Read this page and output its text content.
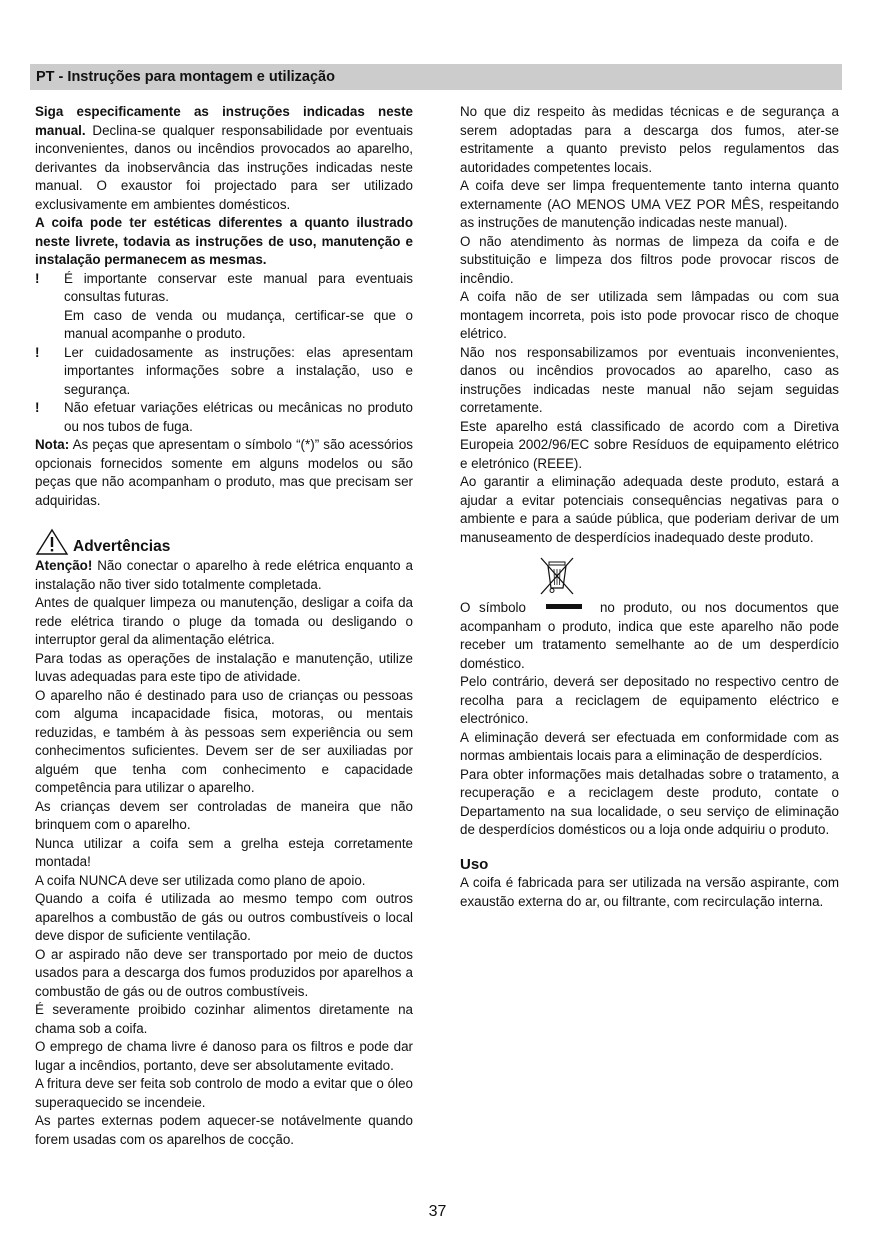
PT - Instruções para montagem e utilização

Siga especificamente as instruções indicadas neste manual. Declina-se qualquer responsabilidade por eventuais inconvenientes, danos ou incêndios provocados ao aparelho, derivantes da inobservância das instruções indicadas neste manual. O exaustor foi projectado para ser utilizado exclusivamente em ambientes domésticos.

A coifa pode ter estéticas diferentes a quanto ilustrado neste livrete, todavia as instruções de uso, manutenção e instalação permanecem as mesmas.

!	É importante conservar este manual para eventuais consultas futuras.

Em caso de venda ou mudança, certificar-se que o manual acompanhe o produto.

!	Ler cuidadosamente as instruções: elas apresentam importantes informações sobre a instalação, uso e segurança.

!	Não efetuar variações elétricas ou mecânicas no produto ou nos tubos de fuga.

Nota: As peças que apresentam o símbolo “(*)” são acessórios opcionais fornecidos somente em alguns modelos ou são peças que não acompanham o produto, mas que precisam ser adquiridas.

Advertências

Atenção! Não conectar o aparelho à rede elétrica enquanto a instalação não tiver sido totalmente completada.

Antes de qualquer limpeza ou manutenção, desligar a coifa da rede elétrica tirando o pluge da tomada ou desligando o interruptor geral da alimentação elétrica.

Para todas as operações de instalação e manutenção, utilize luvas adequadas para este tipo de atividade.

O aparelho não é destinado para uso de crianças ou pessoas com alguma incapacidade fisica, motoras, ou mentais reduzidas, e também à às pessoas sem experiência ou sem conhecimentos suficientes. Devem ser de ser auxiliadas por alguém que tenha com conhecimento e capacidade competência para utilizar o aparelho.

As crianças devem ser controladas de maneira que não brinquem com o aparelho.

Nunca utilizar a coifa sem a grelha esteja corretamente montada!

A coifa NUNCA deve ser utilizada como plano de apoio.

Quando a coifa é utilizada ao mesmo tempo com outros aparelhos a combustão de gás ou outros combustíveis o local deve dispor de suficiente ventilação.

O ar aspirado não deve ser transportado por meio de ductos usados para a descarga dos fumos produzidos por aparelhos a combustão de gás ou de outros combustíveis.

É severamente proibido cozinhar alimentos diretamente na chama sob a coifa.

O emprego de chama livre é danoso para os filtros e pode dar lugar a incêndios, portanto, deve ser absolutamente evitado.

A fritura deve ser feita sob controlo de modo a evitar que o óleo superaquecido se incendeie.

As partes externas podem aquecer-se notávelmente quando forem usadas com os aparelhos de cocção.

No que diz respeito às medidas técnicas e de segurança a serem adoptadas para a descarga dos fumos, ater-se estritamente a quanto previsto pelos regulamentos das autoridades competentes locais.

A coifa deve ser limpa frequentemente tanto interna quanto externamente (AO MENOS UMA VEZ POR MÊS, respeitando as instruções de manutenção indicadas neste manual).

O não atendimento às normas de limpeza da coifa e de substituição e limpeza dos filtros pode provocar riscos de incêndio.

A coifa não de ser utilizada sem lâmpadas ou com sua montagem incorreta, pois isto pode provocar risco de choque elétrico.

Não nos responsabilizamos por eventuais inconvenientes, danos ou incêndios provocados ao aparelho, caso as instruções indicadas neste manual não sejam seguidas corretamente.

Este aparelho está classificado de acordo com a Diretiva Europeia 2002/96/EC sobre Resíduos de equipamento elétrico e eletrónico (REEE).

Ao garantir a eliminação adequada deste produto, estará a ajudar a evitar potenciais consequências negativas para o ambiente e para a saúde pública, que poderiam derivar de um manuseamento de desperdícios inadequado deste produto.

O símbolo	no produto, ou nos documentos que acompanham o produto, indica que este aparelho não pode receber um tratamento semelhante ao de um desperdício doméstico.

Pelo contrário, deverá ser depositado no respectivo centro de recolha para a reciclagem de equipamento eléctrico e electrónico.

A eliminação deverá ser efectuada em conformidade com as normas ambientais locais para a eliminação de desperdícios.

Para obter informações mais detalhadas sobre o tratamento, a recuperação e a reciclagem deste produto, contate o Departamento na sua localidade, o seu serviço de eliminação de desperdícios domésticos ou a loja onde adquiriu o produto.

Uso

A coifa é fabricada para ser utilizada na versão aspirante, com exaustão externa do ar, ou filtrante, com recirculação interna.

37
